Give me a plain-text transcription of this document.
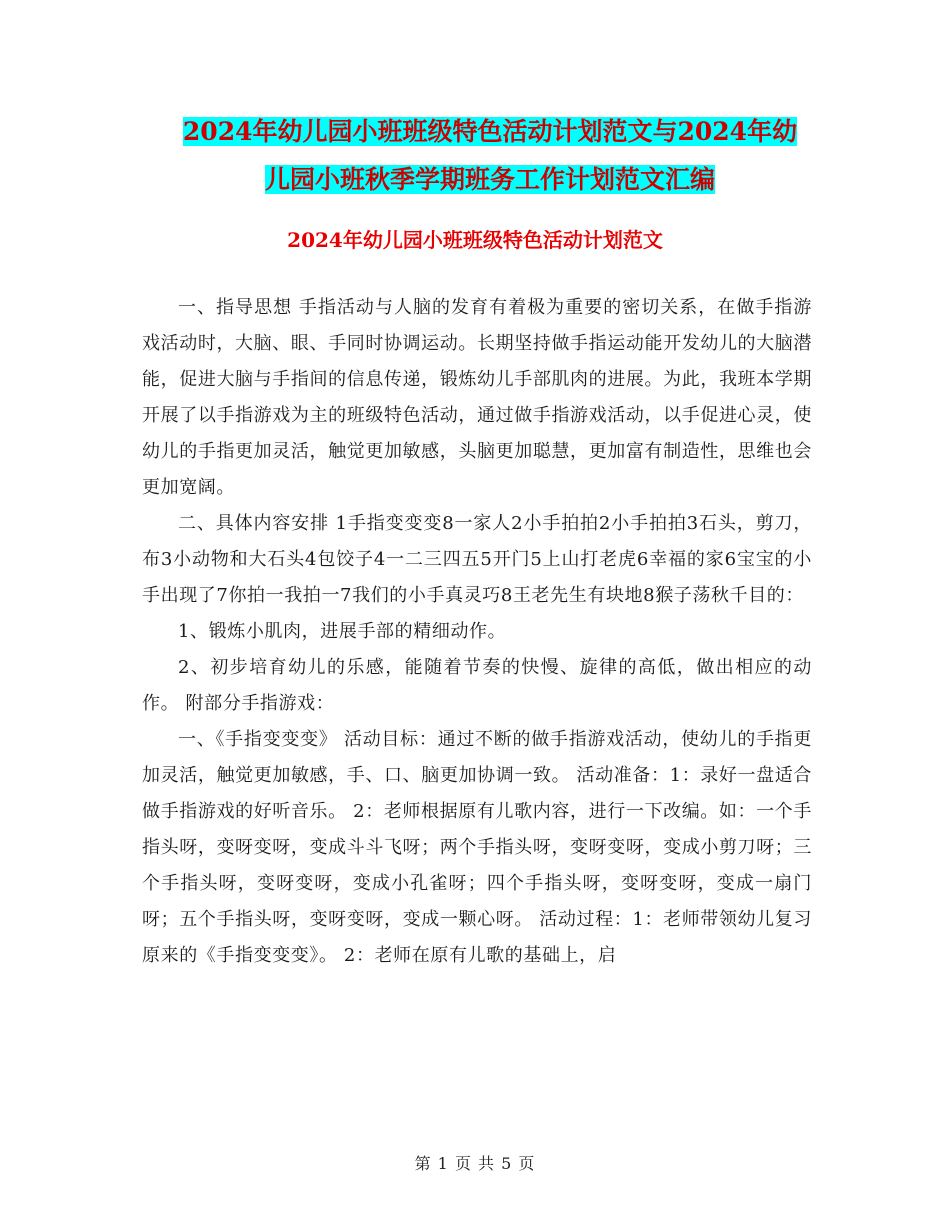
2024年幼儿园小班班级特色活动计划范文与2024年幼
儿园小班秋季学期班务工作计划范文汇编
2024年幼儿园小班班级特色活动计划范文

一、指导思想 手指活动与人脑的发育有着极为重要的密切关系，在做手指游戏活动时，大脑、眼、手同时协调运动。长期坚持做手指运动能开发幼儿的大脑潜能，促进大脑与手指间的信息传递，锻炼幼儿手部肌肉的进展。为此，我班本学期开展了以手指游戏为主的班级特色活动，通过做手指游戏活动，以手促进心灵，使幼儿的手指更加灵活，触觉更加敏感，头脑更加聪慧，更加富有制造性，思维也会更加宽阔。

二、具体内容安排 1手指变变变8一家人2小手拍拍2小手拍拍3石头，剪刀，布3小动物和大石头4包饺子4一二三四五5开门5上山打老虎6幸福的家6宝宝的小手出现了7你拍一我拍一7我们的小手真灵巧8王老先生有块地8猴子荡秋千目的：

1、锻炼小肌肉，进展手部的精细动作。

2、初步培育幼儿的乐感，能随着节奏的快慢、旋律的高低，做出相应的动作。 附部分手指游戏：

一、《手指变变变》 活动目标：通过不断的做手指游戏活动，使幼儿的手指更加灵活，触觉更加敏感，手、口、脑更加协调一致。 活动准备：1：录好一盘适合做手指游戏的好听音乐。 2：老师根据原有儿歌内容，进行一下改编。如：一个手指头呀，变呀变呀，变成斗斗飞呀；两个手指头呀，变呀变呀，变成小剪刀呀；三个手指头呀，变呀变呀，变成小孔雀呀；四个手指头呀，变呀变呀，变成一扇门呀；五个手指头呀，变呀变呀，变成一颗心呀。 活动过程：1：老师带领幼儿复习原来的《手指变变变》。 2：老师在原有儿歌的基础上，启

第 1 页 共 5 页
